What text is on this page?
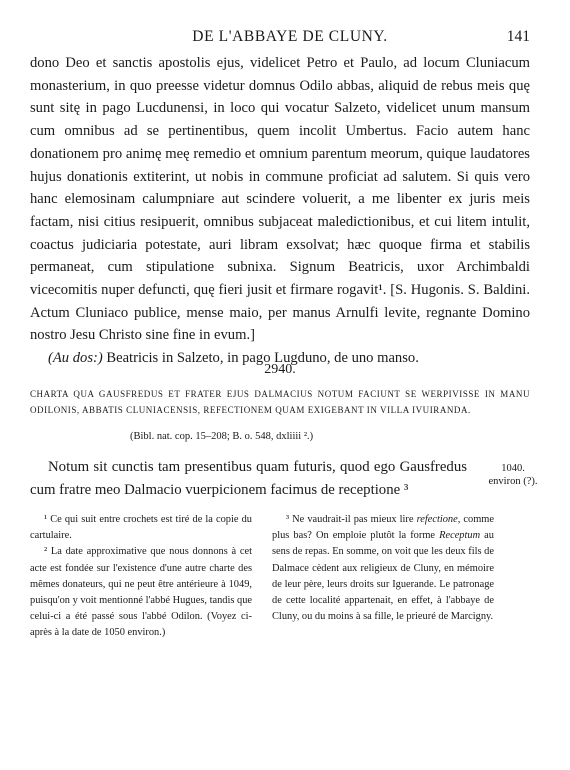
DE L'ABBAYE DE CLUNY.	141

dono Deo et sanctis apostolis ejus, videlicet Petro et Paulo, ad locum Cluniacum monasterium, in quo preesse videtur domnus Odilo abbas, aliquid de rebus meis quę sunt sitę in pago Lucdunensi, in loco qui vocatur Salzeto, videlicet unum mansum cum omnibus ad se pertinentibus, quem incolit Umbertus. Facio autem hanc donationem pro animę meę remedio et omnium parentum meorum, quique laudatores hujus donationis extiterint, ut nobis in commune proficiat ad salutem. Si quis vero hanc elemosinam calumpniare aut scindere voluerit, a me libenter ex juris meis factam, nisi citius resipuerit, omnibus subjaceat maledictionibus, et cui litem intulit, coactus judiciaria potestate, auri libram exsolvat; hæc quoque firma et stabilis permaneat, cum stipulatione subnixa. Signum Beatricis, uxor Archimbaldi vicecomitis nuper defuncti, quę fieri jusit et firmare rogavit¹. [S. Hugonis. S. Baldini. Actum Cluniaco publice, mense maio, per manus Arnulfi levite, regnante Domino nostro Jesu Christo sine fine in evum.]

(Au dos:) Beatricis in Salzeto, in pago Lugduno, de uno manso.

2940.

CHARTA QUA GAUSFREDUS ET FRATER EJUS DALMACIUS NOTUM FACIUNT SE WERPIVISSE IN MANU ODILONIS, ABBATIS CLUNIACENSIS, REFECTIONEM QUAM EXIGEBANT IN VILLA IVUIRANDA.

(Bibl. nat. cop. 15–208; B. o. 548, dxliiii ².)

Notum sit cunctis tam presentibus quam futuris, quod ego Gausfredus cum fratre meo Dalmacio vuerpicionem facimus de receptione ³

1040.
environ (?).

¹ Ce qui suit entre crochets est tiré de la copie du cartulaire.

² La date approximative que nous donnons à cet acte est fondée sur l'existence d'une autre charte des mêmes donateurs, qui ne peut être antérieure à 1049, puisqu'on y voit mentionné l'abbé Hugues, tandis que celui-ci a été passé sous l'abbé Odilon. (Voyez ci-après à la date de 1050 environ.)

³ Ne vaudrait-il pas mieux lire refectione, comme plus bas? On emploie plutôt la forme Receptum au sens de repas. En somme, on voit que les deux fils de Dalmace cèdent aux religieux de Cluny, en mémoire de leur père, leurs droits sur Iguerande. Le patronage de cette localité appartenait, en effet, à l'abbaye de Cluny, ou du moins à sa fille, le prieuré de Marcigny.
